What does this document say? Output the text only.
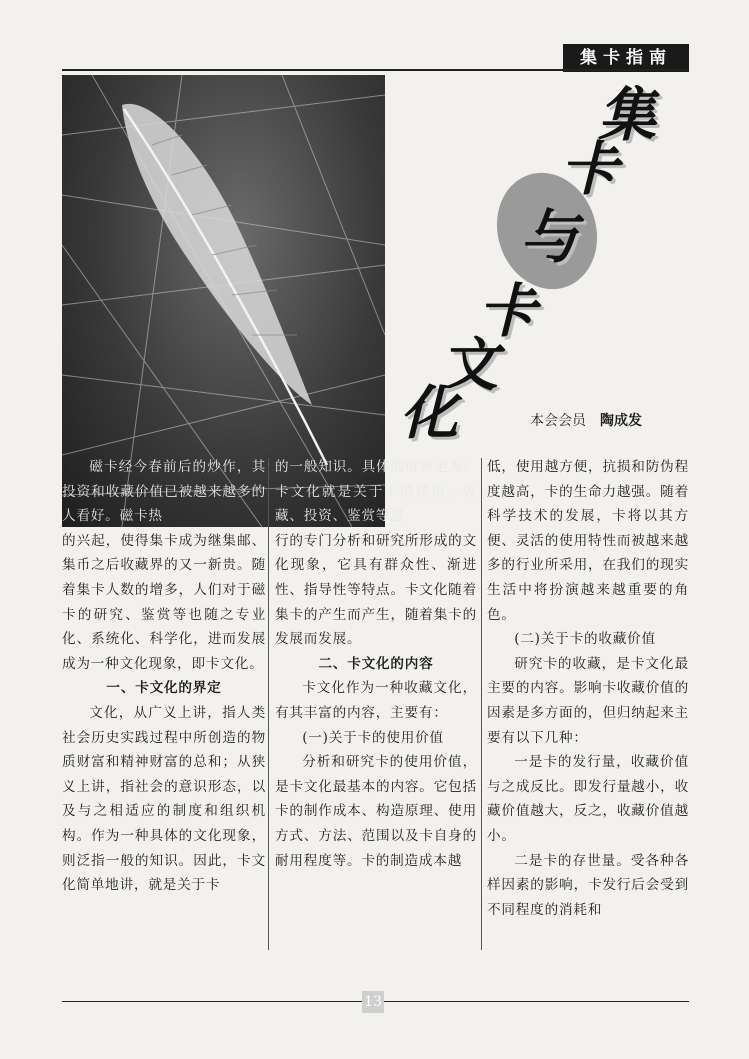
集卡指南
集
卡
与
卡
文
化	本会会员 陶成发

磁卡经今春前后的炒作，其投资和收藏价值已被越来越多的人看好。磁卡热

的兴起，使得集卡成为继集邮、集币之后收藏界的又一新贵。随着集卡人数的增多，人们对于磁卡的研究、鉴赏等也随之专业化、系统化、科学化，进而发展成为一种文化现象，即卡文化。

一、卡文化的界定

文化，从广义上讲，指人类社会历史实践过程中所创造的物质财富和精神财富的总和；从狭义上讲，指社会的意识形态，以及与之相适应的制度和组织机构。作为一种具体的文化现象，则泛指一般的知识。因此，卡文化简单地讲，就是关于卡

的一般知识。具体的可界定为：卡文化就是关于卡的使用、收藏、投资、鉴赏等进

行的专门分析和研究所形成的文化现象，它具有群众性、渐进性、指导性等特点。卡文化随着集卡的产生而产生，随着集卡的发展而发展。

二、卡文化的内容

卡文化作为一种收藏文化，有其丰富的内容，主要有：

(一)关于卡的使用价值

分析和研究卡的使用价值，是卡文化最基本的内容。它包括卡的制作成本、构造原理、使用方式、方法、范围以及卡自身的耐用程度等。卡的制造成本越

低，使用越方便，抗损和防伪程度越高，卡的生命力越强。随着科学技术的发展，卡将以其方便、灵活的使用特性而被越来越多的行业所采用，在我们的现实生活中将扮演越来越重要的角色。

(二)关于卡的收藏价值

研究卡的收藏，是卡文化最主要的内容。影响卡收藏价值的因素是多方面的，但归纳起来主要有以下几种：

一是卡的发行量，收藏价值与之成反比。即发行量越小，收藏价值越大，反之，收藏价值越小。

二是卡的存世量。受各种各样因素的影响，卡发行后会受到不同程度的消耗和

13
